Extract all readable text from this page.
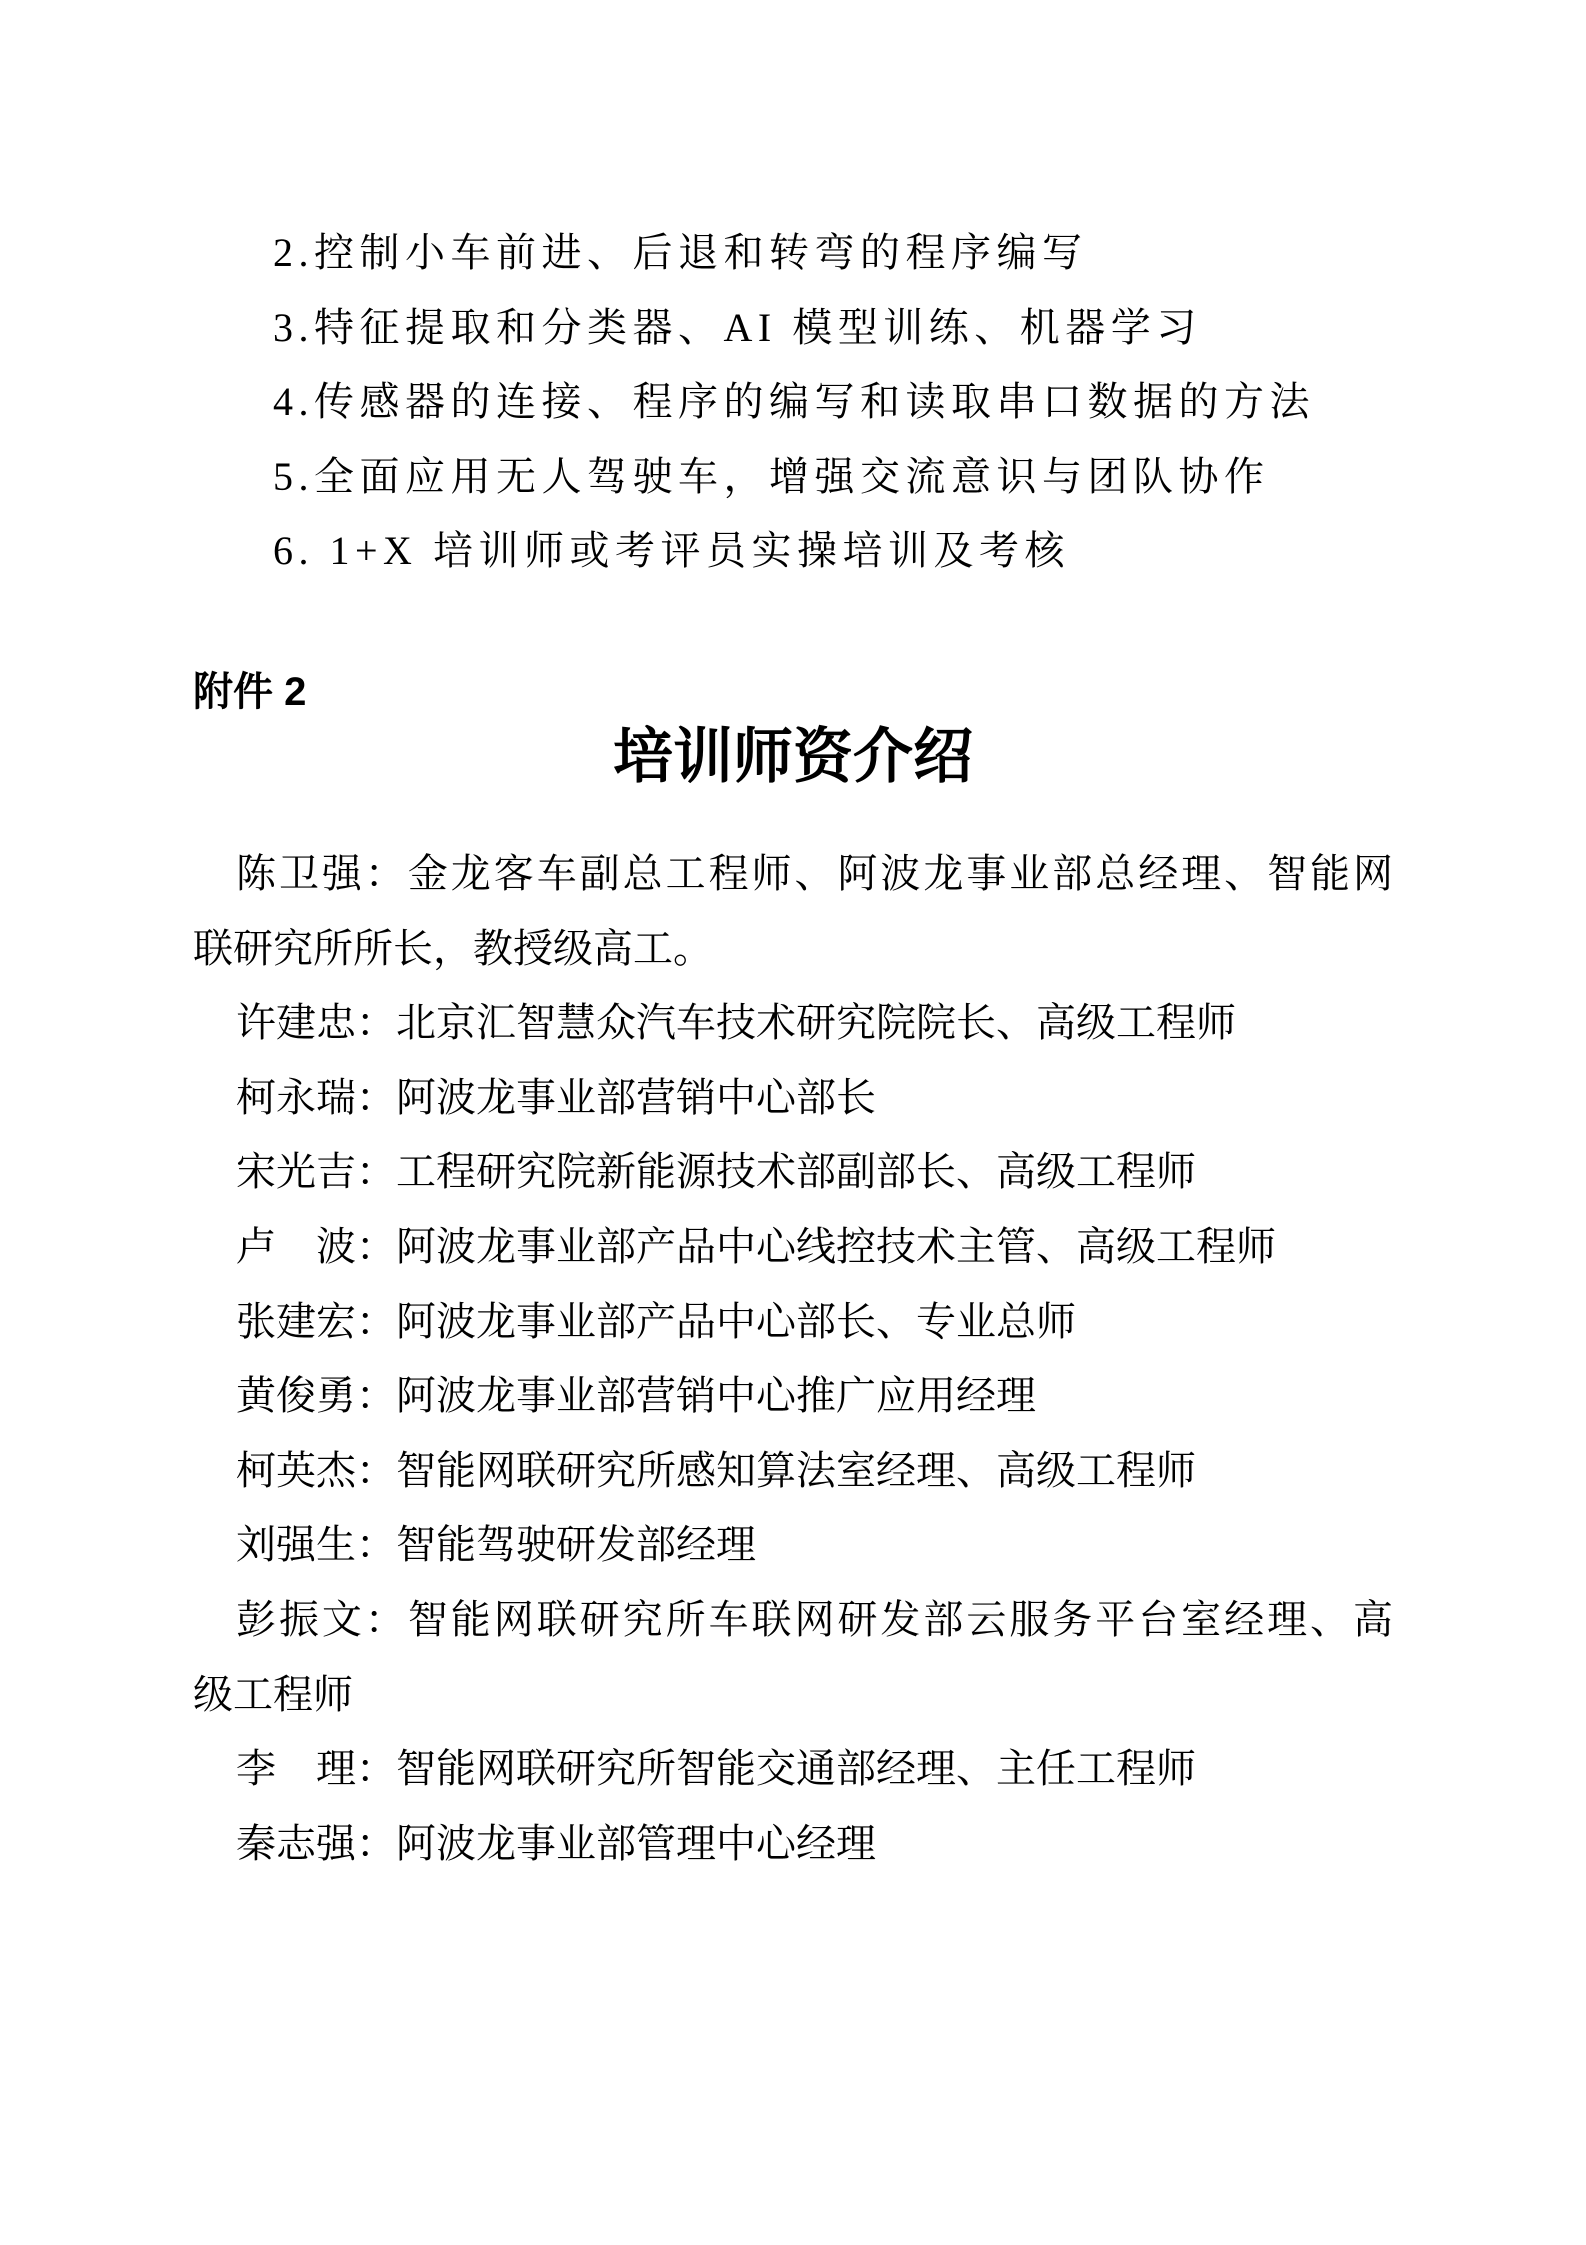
2.控制小车前进、后退和转弯的程序编写

3.特征提取和分类器、AI 模型训练、机器学习

4.传感器的连接、程序的编写和读取串口数据的方法

5.全面应用无人驾驶车，增强交流意识与团队协作

6. 1+X 培训师或考评员实操培训及考核

附件 2
培训师资介绍

陈卫强：金龙客车副总工程师、阿波龙事业部总经理、智能网
联研究所所长，教授级高工。

许建忠：北京汇智慧众汽车技术研究院院长、高级工程师

柯永瑞：阿波龙事业部营销中心部长

宋光吉：工程研究院新能源技术部副部长、高级工程师

卢　波：阿波龙事业部产品中心线控技术主管、高级工程师

张建宏：阿波龙事业部产品中心部长、专业总师

黄俊勇：阿波龙事业部营销中心推广应用经理

柯英杰：智能网联研究所感知算法室经理、高级工程师

刘强生：智能驾驶研发部经理

彭振文：智能网联研究所车联网研发部云服务平台室经理、高
级工程师

李　理：智能网联研究所智能交通部经理、主任工程师

秦志强：阿波龙事业部管理中心经理
